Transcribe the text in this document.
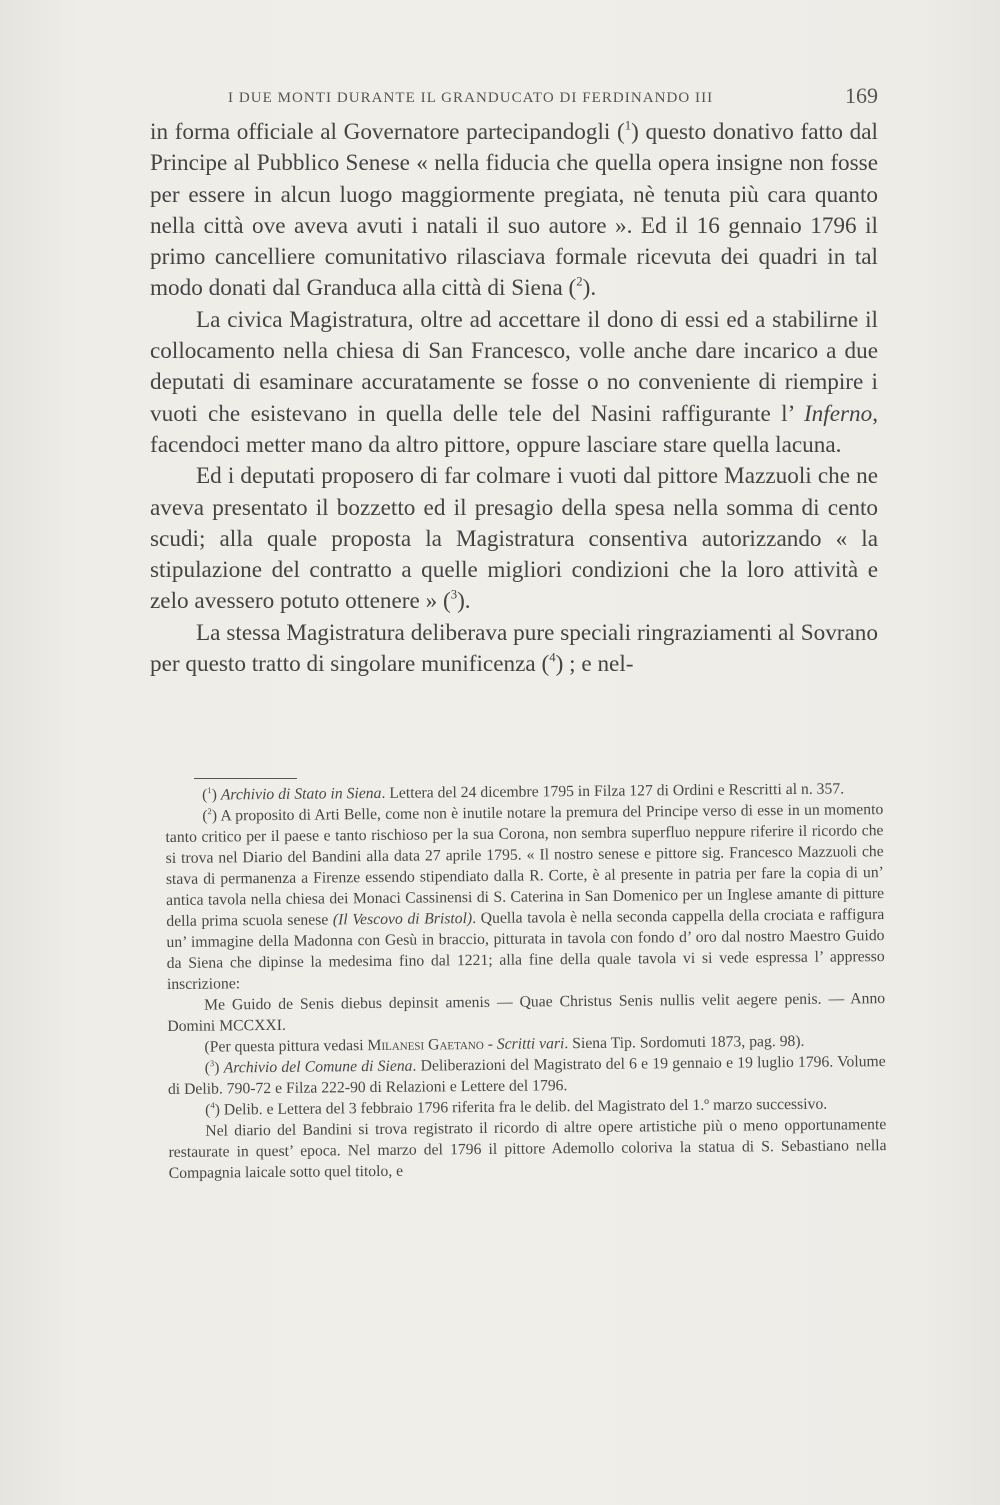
I DUE MONTI DURANTE IL GRANDUCATO DI FERDINANDO III	169

in forma officiale al Governatore partecipandogli ($^1$) questo donativo fatto dal Principe al Pubblico Senese « nella fiducia che quella opera insigne non fosse per essere in alcun luogo maggiormente pregiata, nè tenuta più cara quanto nella città ove aveva avuti i natali il suo autore ». Ed il 16 gennaio 1796 il primo cancelliere comunitativo rilasciava formale ricevuta dei quadri in tal modo donati dal Granduca alla città di Siena ($^2$).

La civica Magistratura, oltre ad accettare il dono di essi ed a stabilirne il collocamento nella chiesa di San Francesco, volle anche dare incarico a due deputati di esaminare accuratamente se fosse o no conveniente di riempire i vuoti che esistevano in quella delle tele del Nasini raffigurante l’ Inferno, facendoci metter mano da altro pittore, oppure lasciare stare quella lacuna.

Ed i deputati proposero di far colmare i vuoti dal pittore Mazzuoli che ne aveva presentato il bozzetto ed il presagio della spesa nella somma di cento scudi; alla quale proposta la Magistratura consentiva autorizzando « la stipulazione del contratto a quelle migliori condizioni che la loro attività e zelo avessero potuto ottenere » ($^3$).

La stessa Magistratura deliberava pure speciali ringraziamenti al Sovrano per questo tratto di singolare munificenza ($^4$) ; e nel-

($^1$) Archivio di Stato in Siena. Lettera del 24 dicembre 1795 in Filza 127 di Ordini e Rescritti al n. 357.

($^2$) A proposito di Arti Belle, come non è inutile notare la premura del Principe verso di esse in un momento tanto critico per il paese e tanto rischioso per la sua Corona, non sembra superfluo neppure riferire il ricordo che si trova nel Diario del Bandini alla data 27 aprile 1795. « Il nostro senese e pittore sig. Francesco Mazzuoli che stava di permanenza a Firenze essendo stipendiato dalla R. Corte, è al presente in patria per fare la copia di un’ antica tavola nella chiesa dei Monaci Cassinensi di S. Caterina in San Domenico per un Inglese amante di pitture della prima scuola senese (Il Vescovo di Bristol). Quella tavola è nella seconda cappella della crociata e raffigura un’ immagine della Madonna con Gesù in braccio, pitturata in tavola con fondo d’ oro dal nostro Maestro Guido da Siena che dipinse la medesima fino dal 1221; alla fine della quale tavola vi si vede espressa l’ appresso inscrizione:

Me Guido de Senis diebus depinsit amenis — Quae Christus Senis nullis velit aegere penis. — Anno Domini MCCXXI.

(Per questa pittura vedasi Milanesi Gaetano - Scritti vari. Siena Tip. Sordomuti 1873, pag. 98).

($^3$) Archivio del Comune di Siena. Deliberazioni del Magistrato del 6 e 19 gennaio e 19 luglio 1796. Volume di Delib. 790-72 e Filza 222-90 di Relazioni e Lettere del 1796.

($^4$) Delib. e Lettera del 3 febbraio 1796 riferita fra le delib. del Magistrato del 1.º marzo successivo.

Nel diario del Bandini si trova registrato il ricordo di altre opere artistiche più o meno opportunamente restaurate in quest’ epoca. Nel marzo del 1796 il pittore Ademollo coloriva la statua di S. Sebastiano nella Compagnia laicale sotto quel titolo, e
